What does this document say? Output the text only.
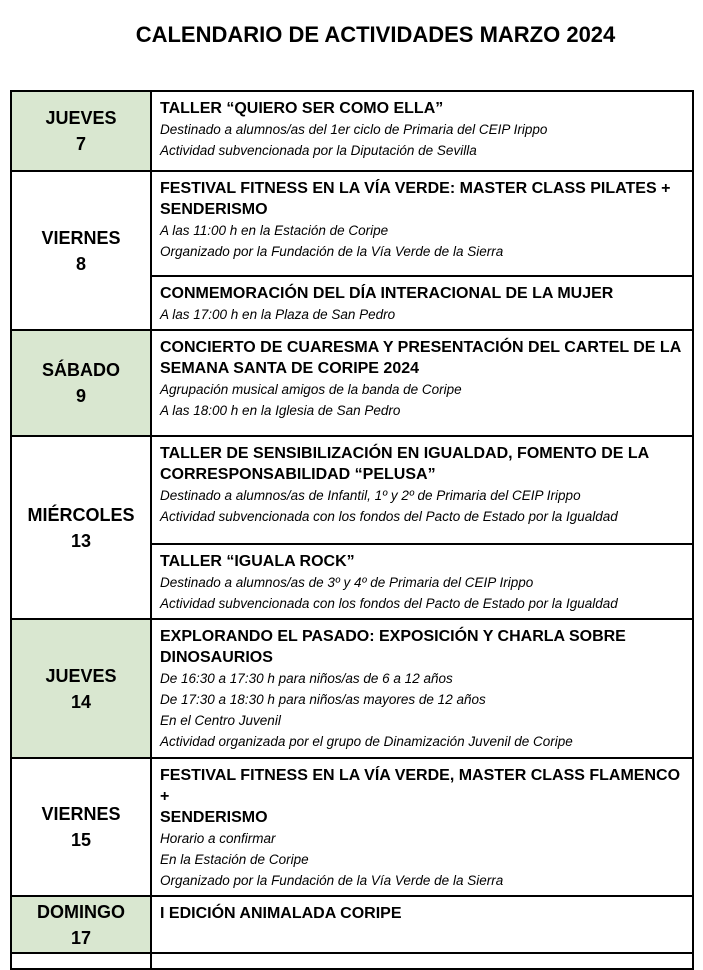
CALENDARIO DE ACTIVIDADES MARZO 2024
JUEVES
7
TALLER “QUIERO SER COMO ELLA”
Destinado a alumnos/as del 1er ciclo de Primaria del CEIP Irippo
Actividad subvencionada por la Diputación de Sevilla
VIERNES
8
FESTIVAL FITNESS EN LA VÍA VERDE: MASTER CLASS PILATES +
SENDERISMO
A las 11:00 h en la Estación de Coripe
Organizado por la Fundación de la Vía Verde de la Sierra
CONMEMORACIÓN DEL DÍA INTERACIONAL DE LA MUJER
A las 17:00 h en la Plaza de San Pedro
SÁBADO
9
CONCIERTO DE CUARESMA Y PRESENTACIÓN DEL CARTEL DE LA
SEMANA SANTA DE CORIPE 2024
Agrupación musical amigos de la banda de Coripe
A las 18:00 h en la Iglesia de San Pedro
MIÉRCOLES
13
TALLER DE SENSIBILIZACIÓN EN IGUALDAD, FOMENTO DE LA
CORRESPONSABILIDAD “PELUSA”
Destinado a alumnos/as de Infantil, 1º y 2º de Primaria del CEIP Irippo
Actividad subvencionada con los fondos del Pacto de Estado por la Igualdad
TALLER “IGUALA ROCK”
Destinado a alumnos/as de 3º y 4º de Primaria del CEIP Irippo
Actividad subvencionada con los fondos del Pacto de Estado por la Igualdad
JUEVES
14
EXPLORANDO EL PASADO: EXPOSICIÓN Y CHARLA SOBRE
DINOSAURIOS
De 16:30 a 17:30 h para niños/as de 6 a 12 años
De 17:30 a 18:30 h para niños/as mayores de 12 años
En el Centro Juvenil
Actividad organizada por el grupo de Dinamización Juvenil de Coripe
VIERNES
15
FESTIVAL FITNESS EN LA VÍA VERDE, MASTER CLASS FLAMENCO +
SENDERISMO
Horario a confirmar
En la Estación de Coripe
Organizado por la Fundación de la Vía Verde de la Sierra
DOMINGO
17
I EDICIÓN ANIMALADA CORIPE
